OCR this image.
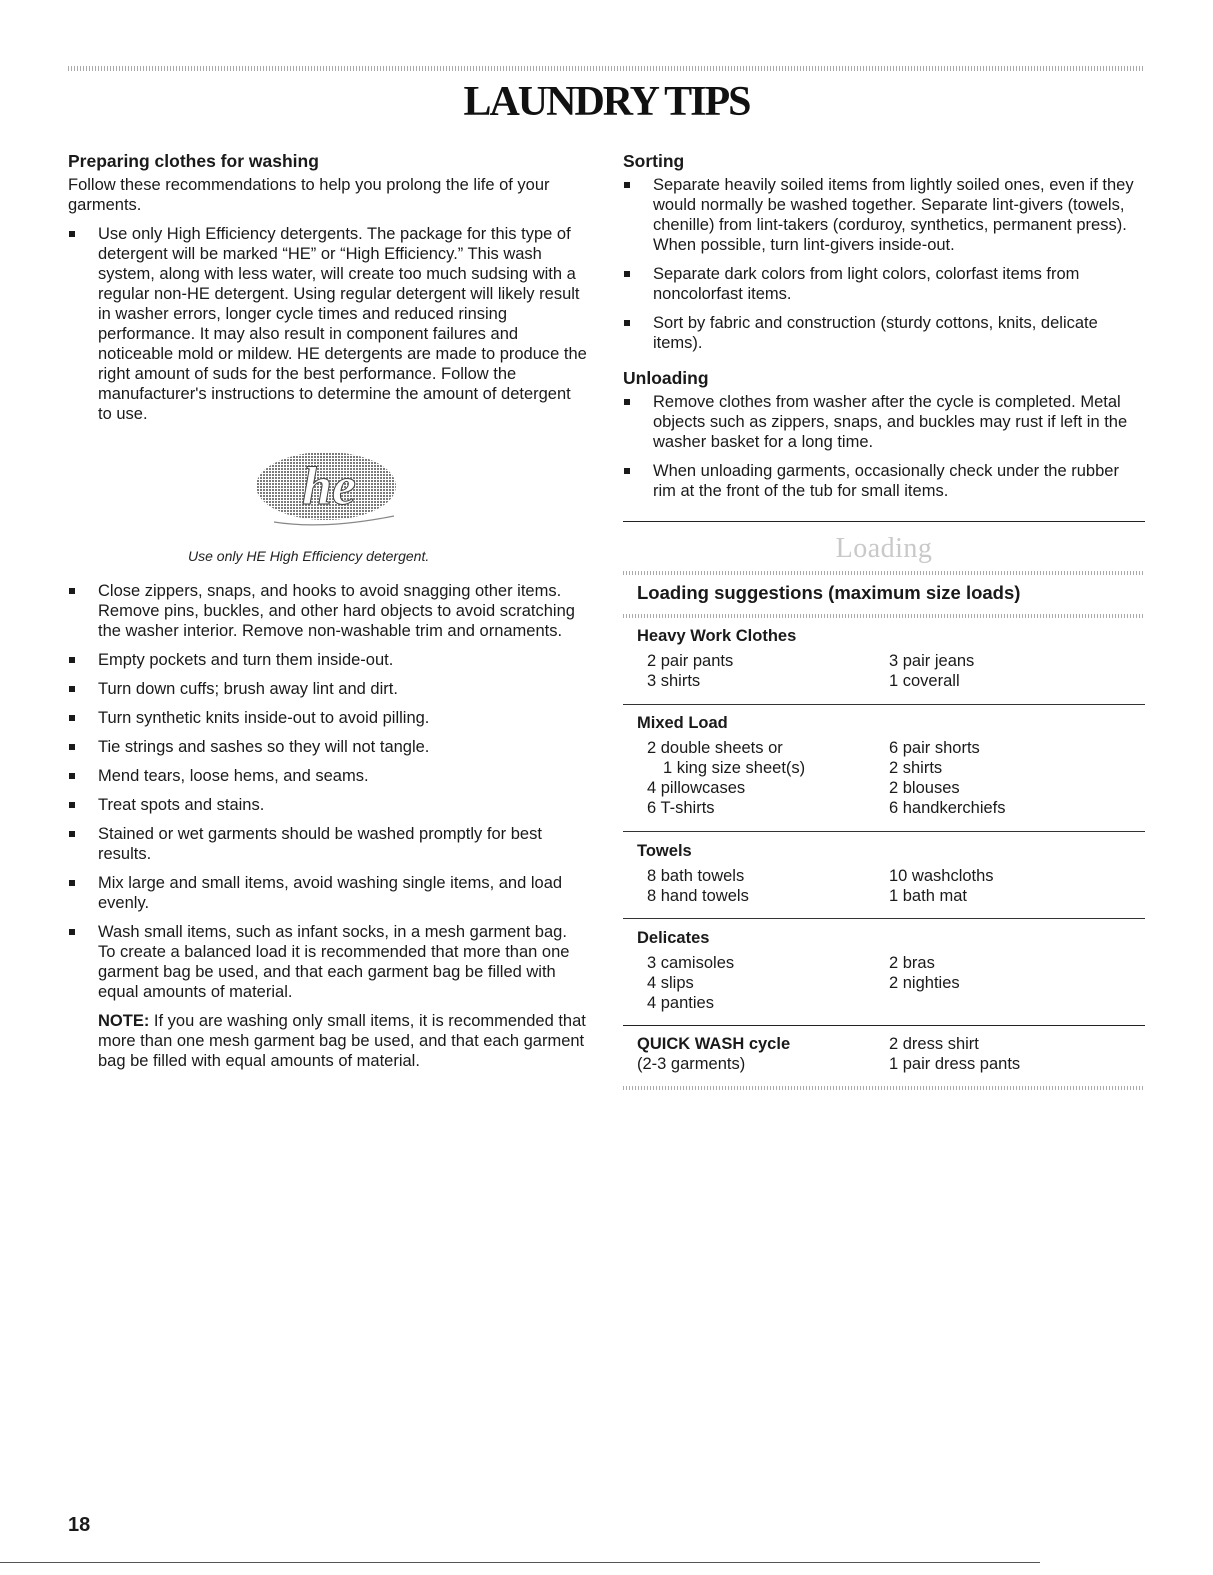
LAUNDRY TIPS
Preparing clothes for washing

Follow these recommendations to help you prolong the life of your garments.

Use only High Efficiency detergents. The package for this type of detergent will be marked “HE” or “High Efficiency.” This wash system, along with less water, will create too much sudsing with a regular non-HE detergent. Using regular detergent will likely result in washer errors, longer cycle times and reduced rinsing performance. It may also result in component failures and noticeable mold or mildew. HE detergents are made to produce the right amount of suds for the best performance. Follow the manufacturer's instructions to determine the amount of detergent to use.
he
Use only HE High Efficiency detergent.
Close zippers, snaps, and hooks to avoid snagging other items. Remove pins, buckles, and other hard objects to avoid scratching the washer interior. Remove non-washable trim and ornaments.
Empty pockets and turn them inside-out.
Turn down cuffs; brush away lint and dirt.
Turn synthetic knits inside-out to avoid pilling.
Tie strings and sashes so they will not tangle.
Mend tears, loose hems, and seams.
Treat spots and stains.
Stained or wet garments should be washed promptly for best results.
Mix large and small items, avoid washing single items, and load evenly.
Wash small items, such as infant socks, in a mesh garment bag. To create a balanced load it is recommended that more than one garment bag be used, and that each garment bag be filled with equal amounts of material.
NOTE: If you are washing only small items, it is recommended that more than one mesh garment bag be used, and that each garment bag be filled with equal amounts of material.
Sorting
Separate heavily soiled items from lightly soiled ones, even if they would normally be washed together. Separate lint-givers (towels, chenille) from lint-takers (corduroy, synthetics, permanent press). When possible, turn lint-givers inside-out.
Separate dark colors from light colors, colorfast items from noncolorfast items.
Sort by fabric and construction (sturdy cottons, knits, delicate items).
Unloading
Remove clothes from washer after the cycle is completed. Metal objects such as zippers, snaps, and buckles may rust if left in the washer basket for a long time.
When unloading garments, occasionally check under the rubber rim at the front of the tub for small items.
Loading
Loading suggestions (maximum size loads)
Heavy Work Clothes
2 pair pants	3 pair jeans
3 shirts	1 coverall
Mixed Load
2 double sheets or	6 pair shorts
1 king size sheet(s)	2 shirts
4 pillowcases	2 blouses
6 T-shirts	6 handkerchiefs
Towels
8 bath towels	10 washcloths
8 hand towels	1 bath mat
Delicates
3 camisoles	2 bras
4 slips	2 nighties
4 panties
QUICK WASH cycle	2 dress shirt
(2-3 garments)	1 pair dress pants
18
